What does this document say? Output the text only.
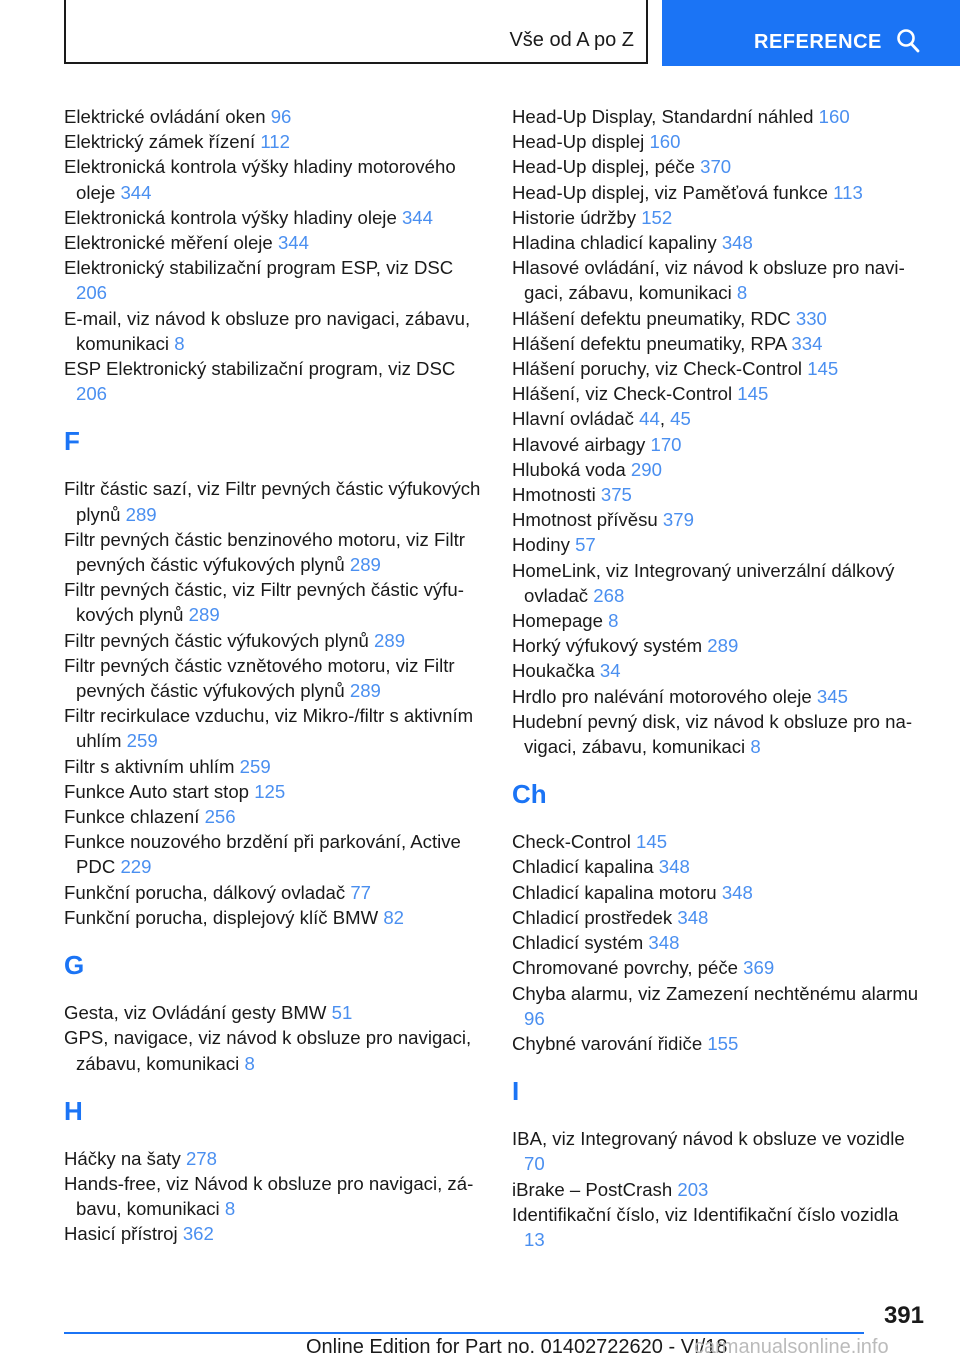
Vše od A po Z	REFERENCE
Elektrické ovládání oken 96
Elektrický zámek řízení 112
Elektronická kontrola výšky hladiny motorového oleje 344
Elektronická kontrola výšky hladiny oleje 344
Elektronické měření oleje 344
Elektronický stabilizační program ESP, viz DSC 206
E-mail, viz návod k obsluze pro navigaci, zábavu, komunikaci 8
ESP Elektronický stabilizační program, viz DSC 206
F
Filtr částic sazí, viz Filtr pevných částic výfukových plynů 289
Filtr pevných částic benzinového motoru, viz Filtr pevných částic výfukových plynů 289
Filtr pevných částic, viz Filtr pevných částic výfukových plynů 289
Filtr pevných částic výfukových plynů 289
Filtr pevných částic vznětového motoru, viz Filtr pevných částic výfukových plynů 289
Filtr recirkulace vzduchu, viz Mikro-/filtr s aktivním uhlím 259
Filtr s aktivním uhlím 259
Funkce Auto start stop 125
Funkce chlazení 256
Funkce nouzového brzdění při parkování, Active PDC 229
Funkční porucha, dálkový ovladač 77
Funkční porucha, displejový klíč BMW 82
G
Gesta, viz Ovládání gesty BMW 51
GPS, navigace, viz návod k obsluze pro navigaci, zábavu, komunikaci 8
H
Háčky na šaty 278
Hands-free, viz Návod k obsluze pro navigaci, zábavu, komunikaci 8
Hasicí přístroj 362
Head-Up Display, Standardní náhled 160
Head-Up displej 160
Head-Up displej, péče 370
Head-Up displej, viz Paměťová funkce 113
Historie údržby 152
Hladina chladicí kapaliny 348
Hlasové ovládání, viz návod k obsluze pro navigaci, zábavu, komunikaci 8
Hlášení defektu pneumatiky, RDC 330
Hlášení defektu pneumatiky, RPA 334
Hlášení poruchy, viz Check-Control 145
Hlášení, viz Check-Control 145
Hlavní ovládač 44, 45
Hlavové airbagy 170
Hluboká voda 290
Hmotnosti 375
Hmotnost přívěsu 379
Hodiny 57
HomeLink, viz Integrovaný univerzální dálkový ovladač 268
Homepage 8
Horký výfukový systém 289
Houkačka 34
Hrdlo pro nalévání motorového oleje 345
Hudební pevný disk, viz návod k obsluze pro navigaci, zábavu, komunikaci 8
Ch
Check-Control 145
Chladicí kapalina 348
Chladicí kapalina motoru 348
Chladicí prostředek 348
Chladicí systém 348
Chromované povrchy, péče 369
Chyba alarmu, viz Zamezení nechtěnému alarmu 96
Chybné varování řidiče 155
I
IBA, viz Integrovaný návod k obsluze ve vozidle 70
iBrake – PostCrash 203
Identifikační číslo, viz Identifikační číslo vozidla 13
391
Online Edition for Part no. 01402722620 - VI/18
carmanualsonline.info
